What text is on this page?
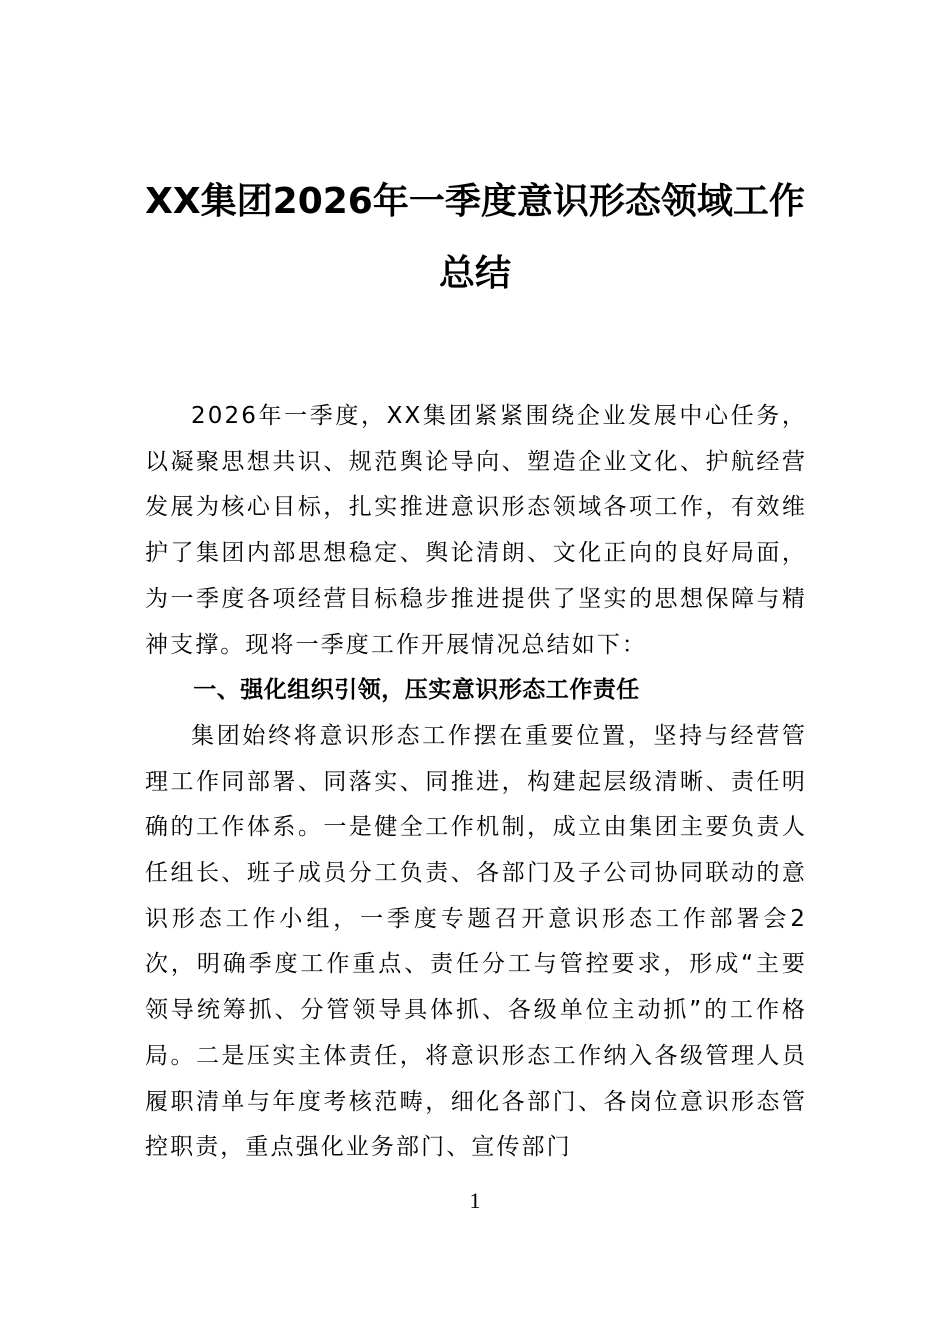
XX集团2026年一季度意识形态领域工作
总结

2026年一季度，XX集团紧紧围绕企业发展中心任务，以凝聚思想共识、规范舆论导向、塑造企业文化、护航经营发展为核心目标，扎实推进意识形态领域各项工作，有效维护了集团内部思想稳定、舆论清朗、文化正向的良好局面，为一季度各项经营目标稳步推进提供了坚实的思想保障与精神支撑。现将一季度工作开展情况总结如下：

一、强化组织引领，压实意识形态工作责任

集团始终将意识形态工作摆在重要位置，坚持与经营管理工作同部署、同落实、同推进，构建起层级清晰、责任明确的工作体系。一是健全工作机制，成立由集团主要负责人任组长、班子成员分工负责、各部门及子公司协同联动的意识形态工作小组，一季度专题召开意识形态工作部署会2次，明确季度工作重点、责任分工与管控要求，形成“主要领导统筹抓、分管领导具体抓、各级单位主动抓”的工作格局。二是压实主体责任，将意识形态工作纳入各级管理人员履职清单与年度考核范畴，细化各部门、各岗位意识形态管控职责，重点强化业务部门、宣传部门

1
